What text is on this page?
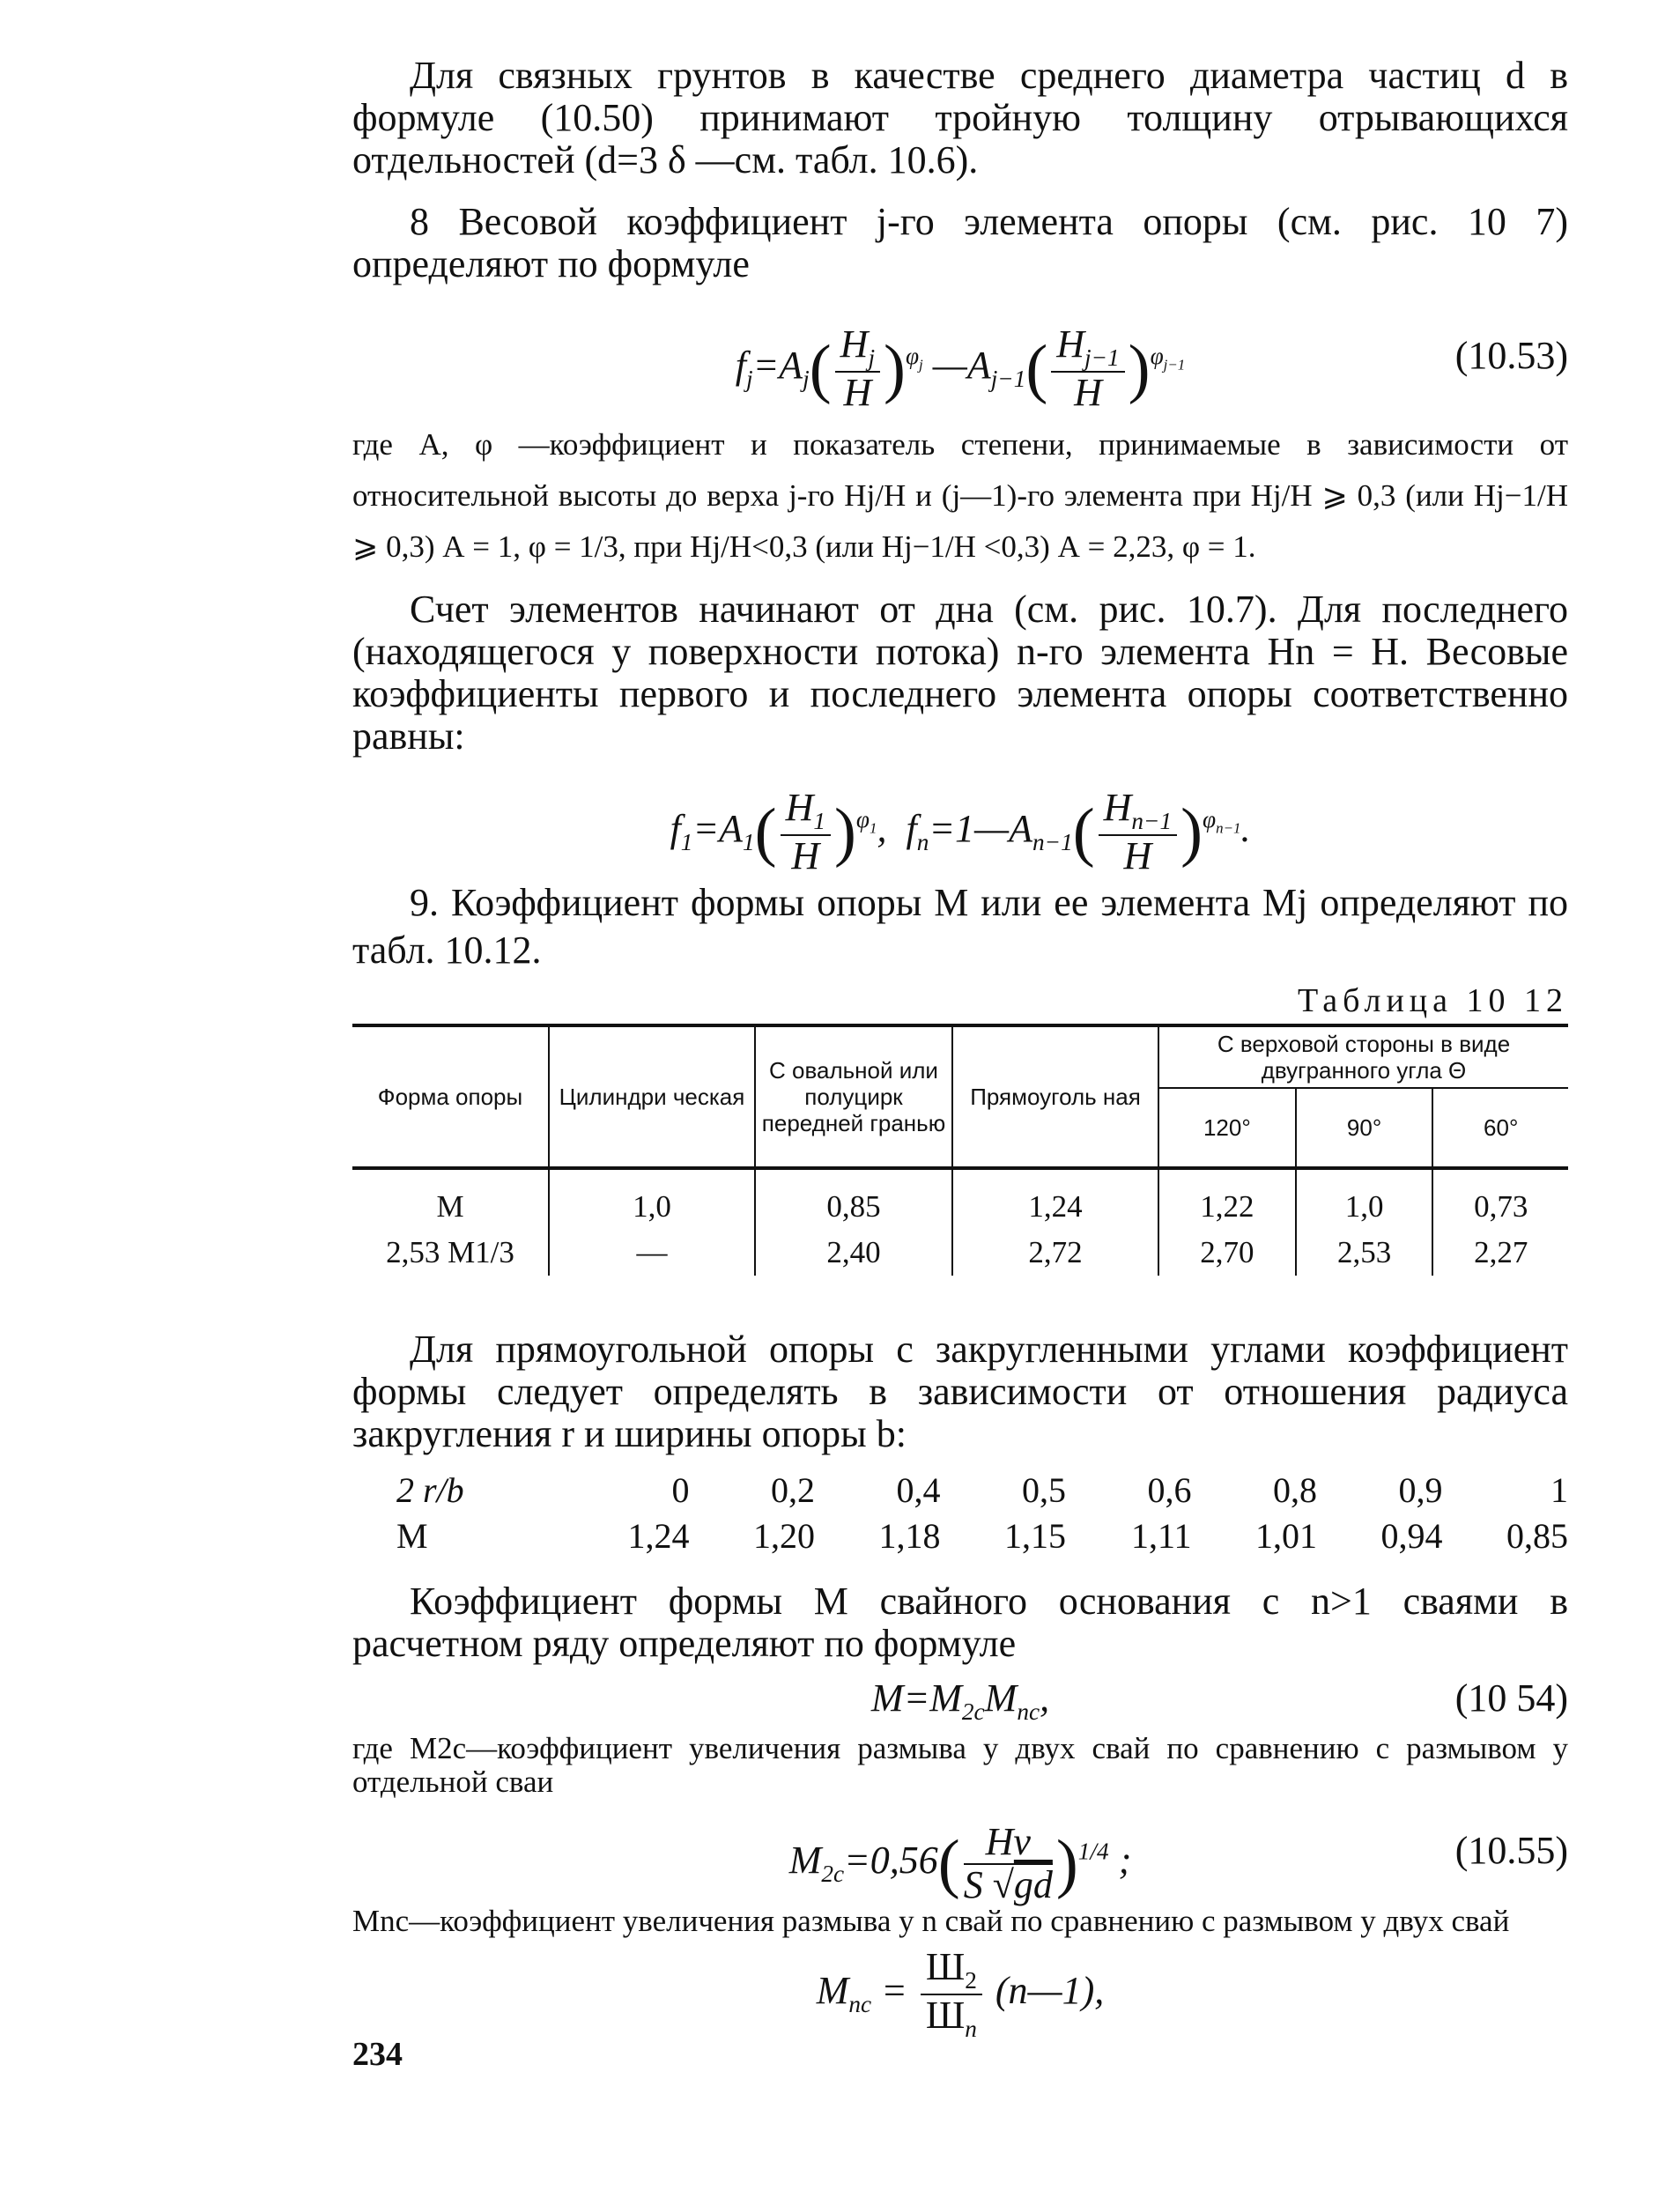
Для связных грунтов в качестве среднего диаметра частиц d в формуле (10.50) принимают тройную толщину отрывающихся отдельностей (d=3 δ —см. табл. 10.6).

8 Весовой коэффициент j-го элемента опоры (см. рис. 10 7) определяют по формуле

$f_j=A_j( \frac{H_j}{H} )^{\varphi_j}$ $—A_{j-1}( \frac{H_{j-1}}{H} )^{\varphi_{j-1}}$	(10.53)

где А, φ —коэффициент и показатель степени, принимаемые в зависимости от относительной высоты до верха j-го Hj/H и (j—1)-го элемента при Hj/H ⩾ 0,3 (или Hj−1/H ⩾ 0,3) А = 1, φ = 1/3, при Hj/H<0,3 (или Hj−1/H <0,3) А = 2,23, φ = 1.

Счет элементов начинают от дна (см. рис. 10.7). Для последнего (находящегося у поверхности потока) n-го элемента Hn = H. Весовые коэффициенты первого и последнего элемента опоры соответственно равны:

$f_1=A_1( \frac{H_1}{H} )^{\varphi_1}$,  $f_n=1—A_{n-1}( \frac{H_{n-1}}{H} )^{\varphi_{n-1}}$.

9. Коэффициент формы опоры М или ее элемента Мj определяют по табл. 10.12.

Таблица 10 12
Форма опоры	Цилиндри ческая	С овальной или полуцирк передней гранью	Прямоуголь ная	С верховой стороны в виде двугранного угла Θ		
				120°	90°	60°
М	1,0	0,85	1,24	1,22	1,0	0,73
2,53 М1/3	—	2,40	2,72	2,70	2,53	2,27

Для прямоугольной опоры с закругленными углами коэффициент формы следует определять в зависимости от отношения радиуса закругления r и ширины опоры b:

2 r/b	0	0,2	0,4	0,5	0,6	0,8	0,9	1
М	1,24	1,20	1,18	1,15	1,11	1,01	0,94	0,85

Коэффициент формы М свайного основания с n>1 сваями в расчетном ряду определяют по формуле

$M=M_{2c}M_{nc}$,	(10 54)

где М2с—коэффициент увеличения размыва у двух свай по сравнению с размывом у отдельной сваи

$M_{2c}=0,56( \frac{Hv}{S √gd} )^{1/4}$ ;	(10.55)

Мnс—коэффициент увеличения размыва у n свай по сравнению с размывом у двух свай

$M_{nc} = \frac{Ш_2}{Ш_n}$ (n—1),
234
